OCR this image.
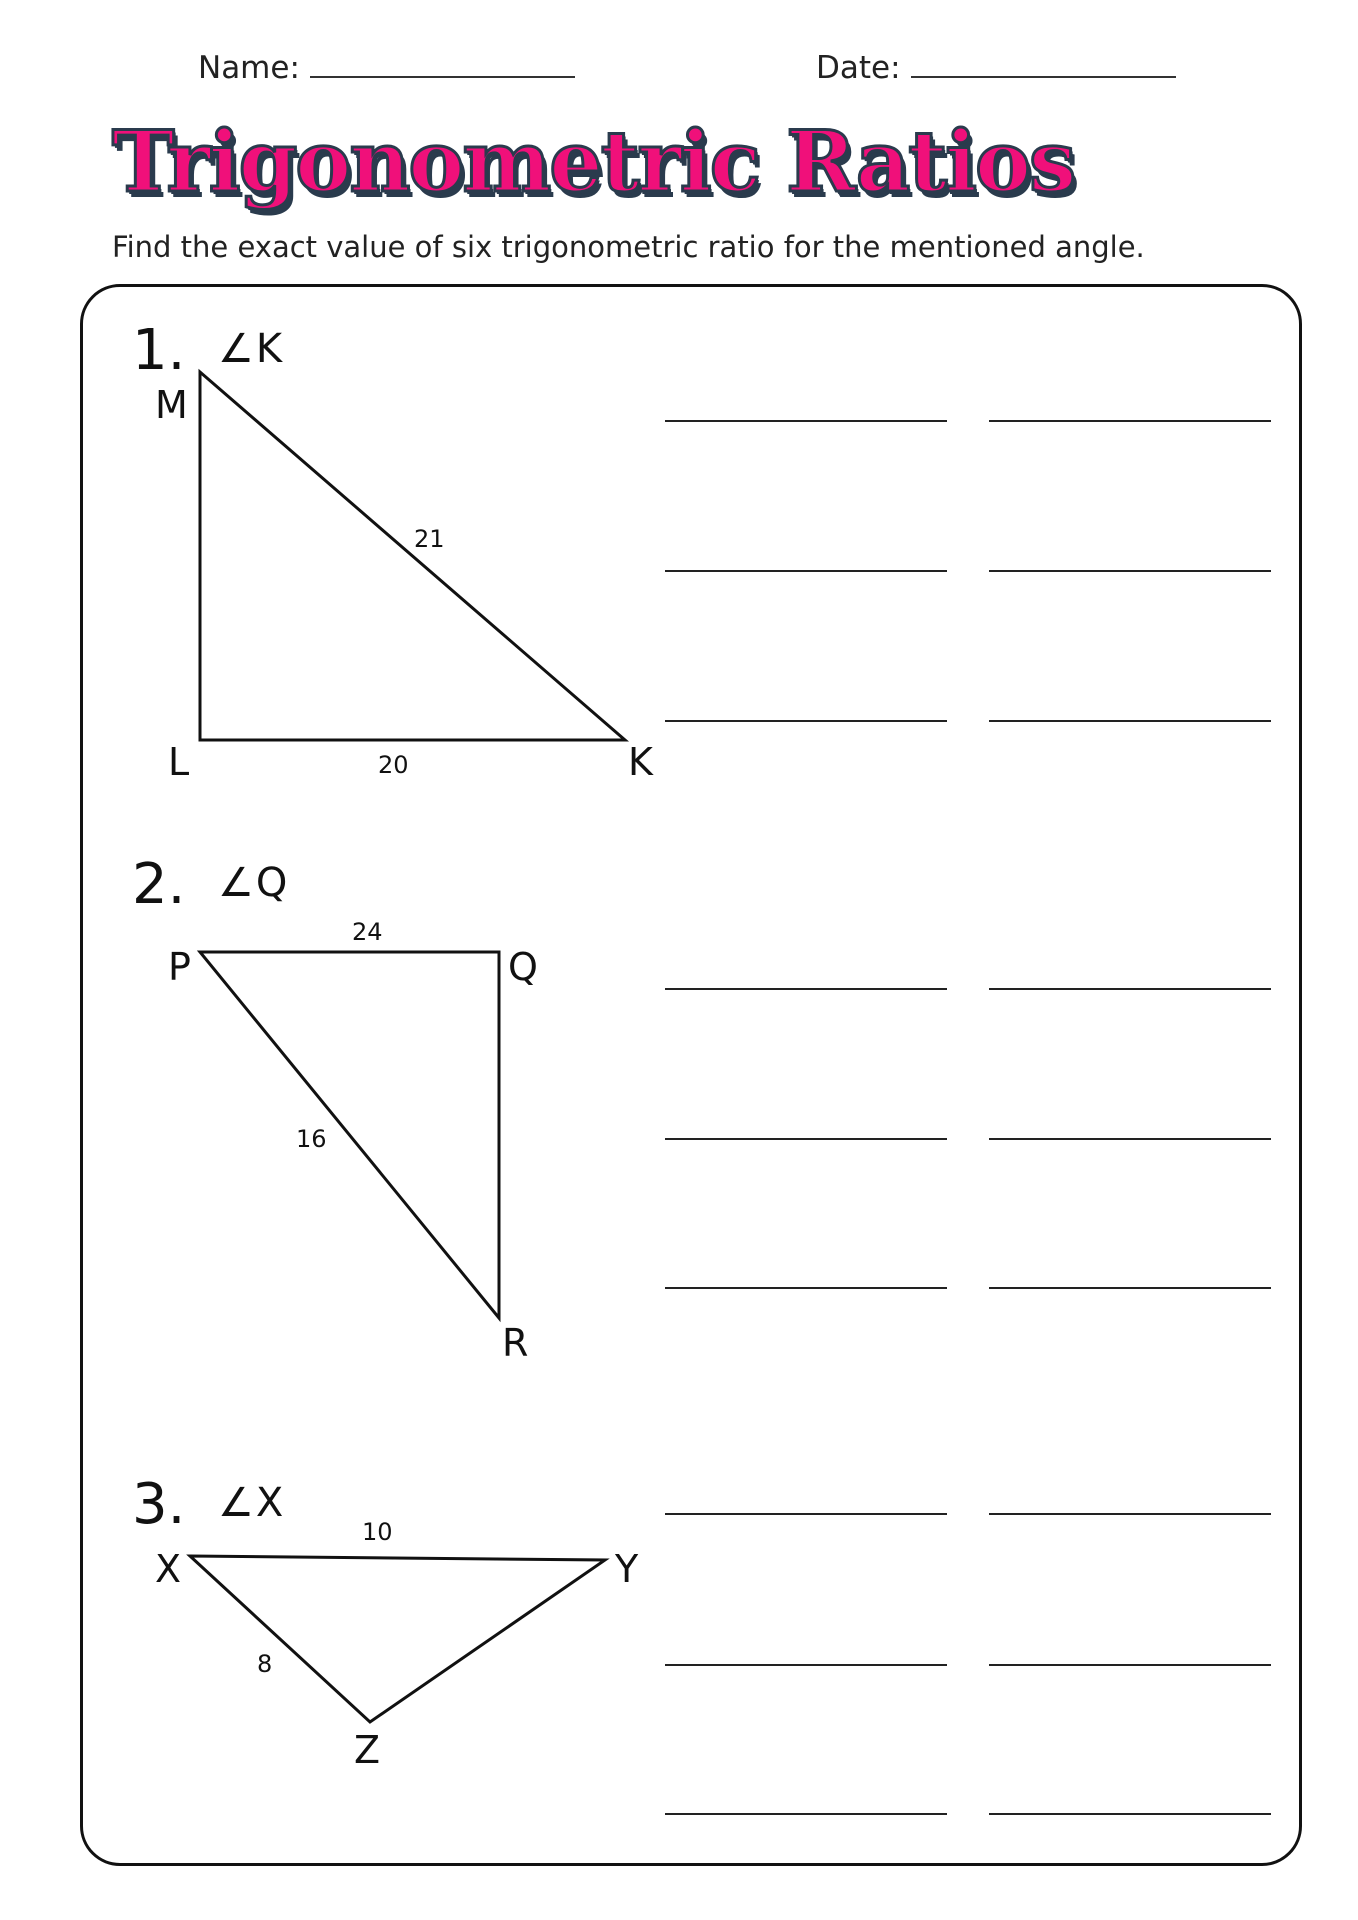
Name:	Date:
Trigonometric Ratios
Find the exact value of six trigonometric ratio for the mentioned angle.
1. ∠K
2. ∠Q
3. ∠X
M
L	K
21
20
P	Q
R
24
16
X	Y
Z
10
8
